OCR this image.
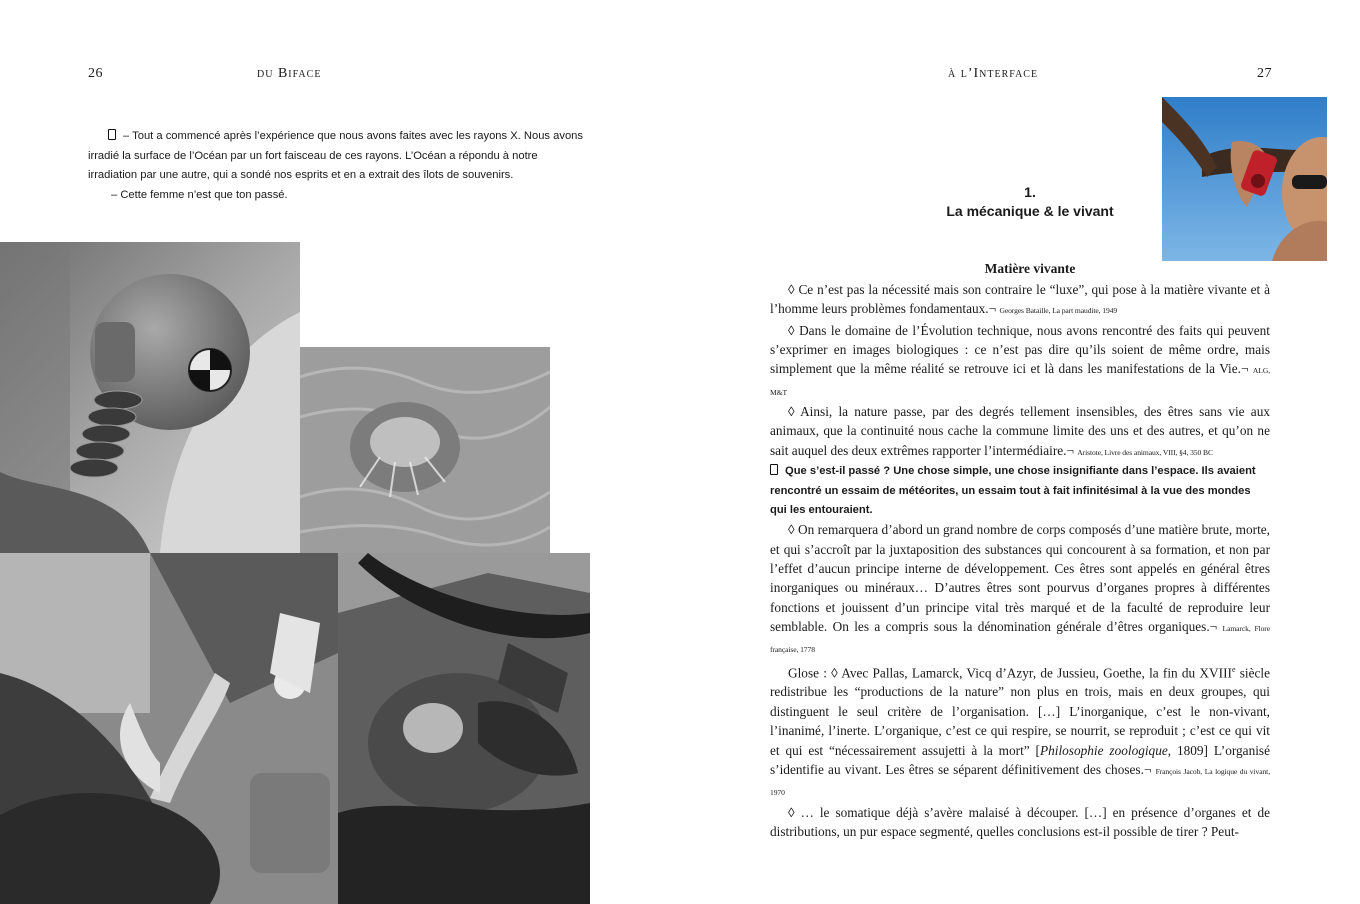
26	du Biface

– Tout a commencé après l’expérience que nous avons faites avec les rayons X. Nous avons irradié la surface de l’Océan par un fort faisceau de ces rayons. L’Océan a répondu à notre irradiation par une autre, qui a sondé nos esprits et en a extrait des îlots de souvenirs.

– Cette femme n’est que ton passé.

à l’Interface	27
1.
La mécanique & le vivant
Matière vivante

◊ Ce n’est pas la nécessité mais son contraire le “luxe”, qui pose à la matière vivante et à l’homme leurs problèmes fondamentaux.¬ Georges Bataille, La part maudite, 1949

◊ Dans le domaine de l’Évolution technique, nous avons rencontré des faits qui peuvent s’exprimer en images biologiques : ce n’est pas dire qu’ils soient de même ordre, mais simplement que la même réalité se retrouve ici et là dans les manifestations de la Vie.¬ ALG, M&T

◊ Ainsi, la nature passe, par des degrés tellement insensibles, des êtres sans vie aux animaux, que la continuité nous cache la commune limite des uns et des autres, et qu’on ne sait auquel des deux extrêmes rapporter l’intermédiaire.¬ Aristote, Livre des animaux, VIII, §4, 350 BC

Que s’est-il passé ? Une chose simple, une chose insignifiante dans l’espace. Ils avaient rencontré un essaim de météorites, un essaim tout à fait infinitésimal à la vue des mondes qui les entouraient.

◊ On remarquera d’abord un grand nombre de corps composés d’une matière brute, morte, et qui s’accroît par la juxtaposition des substances qui concourent à sa formation, et non par l’effet d’aucun principe interne de développement. Ces êtres sont appelés en général êtres inorganiques ou minéraux… D’autres êtres sont pourvus d’organes propres à différentes fonctions et jouissent d’un principe vital très marqué et de la faculté de reproduire leur semblable. On les a compris sous la dénomination générale d’êtres organiques.¬ Lamarck, Flore française, 1778

Glose : ◊ Avec Pallas, Lamarck, Vicq d’Azyr, de Jussieu, Goethe, la fin du XVIIIe siècle redistribue les “productions de la nature” non plus en trois, mais en deux groupes, qui distinguent le seul critère de l’organisation. […] L’inorganique, c’est le non-vivant, l’inanimé, l’inerte. L’organique, c’est ce qui respire, se nourrit, se reproduit ; c’est ce qui vit et qui est “nécessairement assujetti à la mort” [Philosophie zoologique, 1809] L’organisé s’identifie au vivant. Les êtres se séparent définitivement des choses.¬ François Jacob, La logique du vivant, 1970

◊ … le somatique déjà s’avère malaisé à découper. […] en présence d’organes et de distributions, un pur espace segmenté, quelles conclusions est-il possible de tirer ? Peut-
